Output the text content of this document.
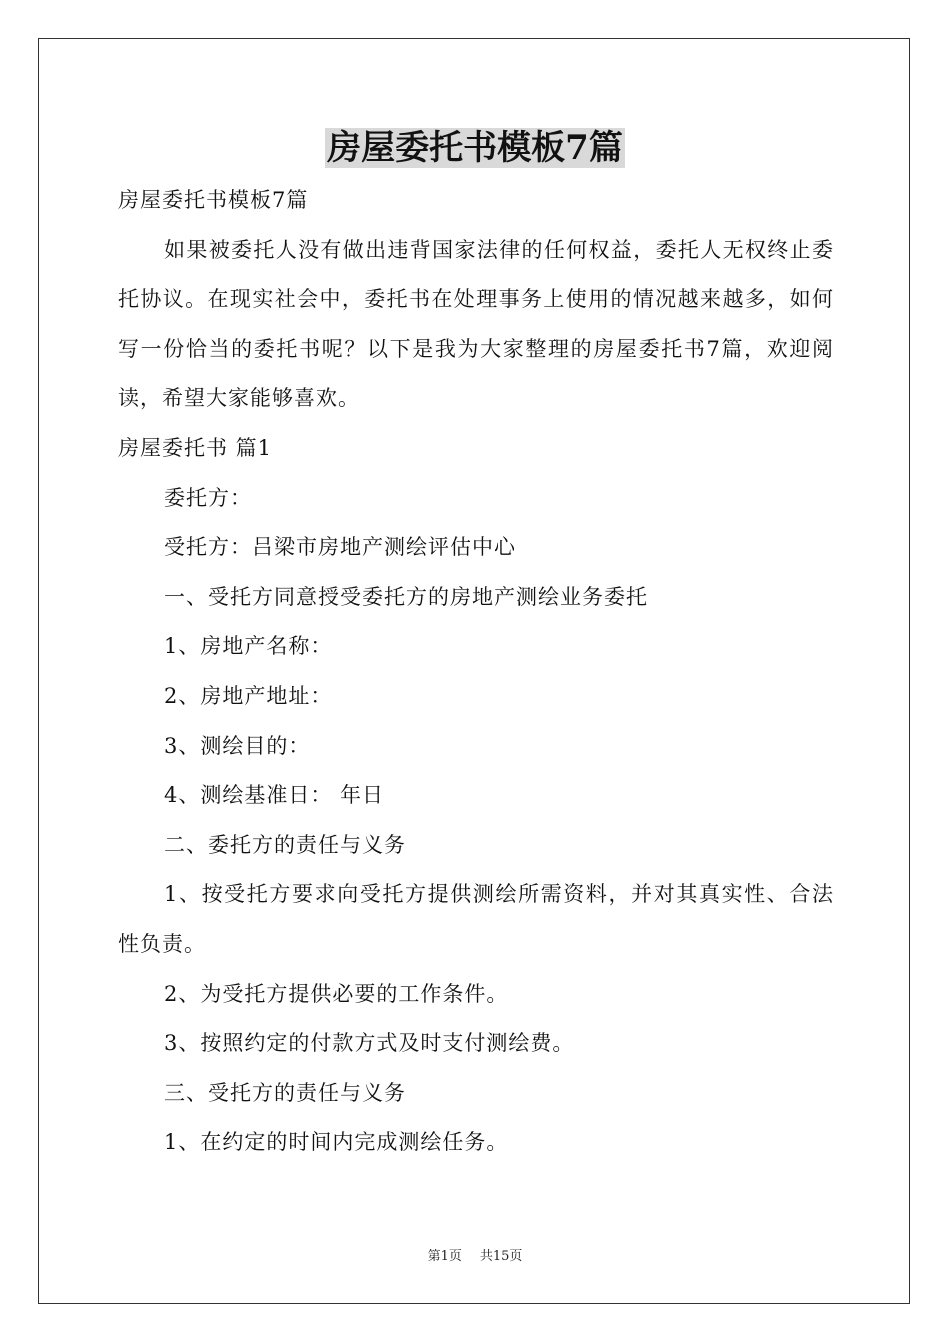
房屋委托书模板7篇

房屋委托书模板7篇

如果被委托人没有做出违背国家法律的任何权益，委托人无权终止委托协议。在现实社会中，委托书在处理事务上使用的情况越来越多，如何写一份恰当的委托书呢？以下是我为大家整理的房屋委托书7篇，欢迎阅读，希望大家能够喜欢。

房屋委托书 篇1

委托方：

受托方：吕梁市房地产测绘评估中心

一、受托方同意授受委托方的房地产测绘业务委托

1、房地产名称：

2、房地产地址：

3、测绘目的：

4、测绘基准日： 年日

二、委托方的责任与义务

1、按受托方要求向受托方提供测绘所需资料，并对其真实性、合法性负责。

2、为受托方提供必要的工作条件。

3、按照约定的付款方式及时支付测绘费。

三、受托方的责任与义务

1、在约定的时间内完成测绘任务。

第1页 共15页
